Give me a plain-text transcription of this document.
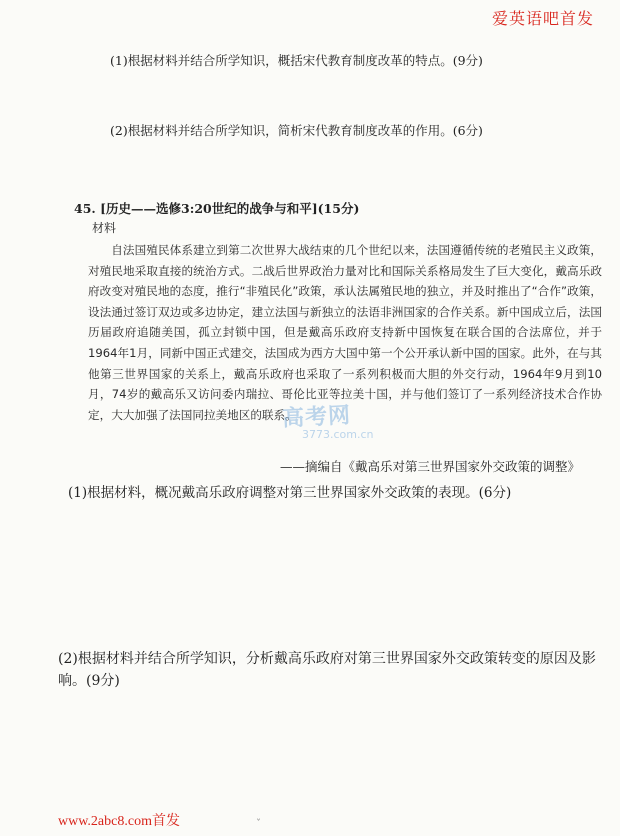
爱英语吧首发
(1)根据材料并结合所学知识，概括宋代教育制度改革的特点。(9分)
(2)根据材料并结合所学知识，简析宋代教育制度改革的作用。(6分)
45. [历史——选修3:20世纪的战争与和平](15分)
材料
自法国殖民体系建立到第二次世界大战结束的几个世纪以来，法国遵循传统的老殖民主义政策，对殖民地采取直接的统治方式。二战后世界政治力量对比和国际关系格局发生了巨大变化，戴高乐政府改变对殖民地的态度，推行“非殖民化”政策，承认法属殖民地的独立，并及时推出了“合作”政策，设法通过签订双边或多边协定，建立法国与新独立的法语非洲国家的合作关系。新中国成立后，法国历届政府追随美国，孤立封锁中国，但是戴高乐政府支持新中国恢复在联合国的合法席位，并于1964年1月，同新中国正式建交，法国成为西方大国中第一个公开承认新中国的国家。此外，在与其他第三世界国家的关系上，戴高乐政府也采取了一系列积极而大胆的外交行动，1964年9月到10月，74岁的戴高乐又访问委内瑞拉、哥伦比亚等拉美十国，并与他们签订了一系列经济技术合作协定，大大加强了法国同拉美地区的联系。
高考网
3773.com.cn
——摘编自《戴高乐对第三世界国家外交政策的调整》
(1)根据材料，概况戴高乐政府调整对第三世界国家外交政策的表现。(6分)
(2)根据材料并结合所学知识，分析戴高乐政府对第三世界国家外交政策转变的原因及影响。(9分)
ˇ
www.2abc8.com首发
